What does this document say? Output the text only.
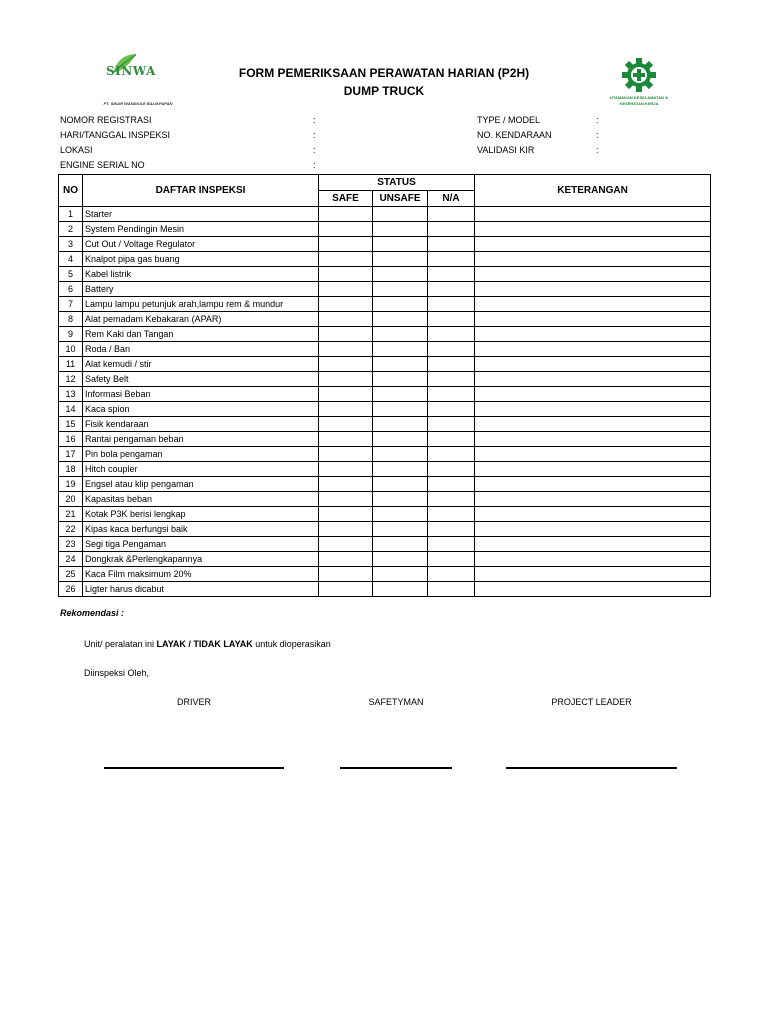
SINWA
PT. SINAR WANDIOLE BALIKPAPAN
UTAMAKAN KESELAMATAN & KESEHATAN KERJA
FORM PEMERIKSAAN PERAWATAN HARIAN (P2H)
DUMP TRUCK
NOMOR REGISTRASI	:
HARI/TANGGAL INSPEKSI	:
LOKASI	:
ENGINE SERIAL NO	:
TYPE / MODEL	:
NO. KENDARAAN	:
VALIDASI KIR	:
NO	DAFTAR INSPEKSI	STATUS			KETERANGAN
		SAFE	UNSAFE	N/A	
1	Starter				
2	System Pendingin Mesin				
3	Cut Out / Voltage Regulator				
4	Knalpot pipa gas buang				
5	Kabel listrik				
6	Battery				
7	Lampu lampu petunjuk arah,lampu rem & mundur				
8	Alat pemadam Kebakaran (APAR)				
9	Rem Kaki dan Tangan				
10	Roda / Ban				
11	Alat kemudi / stir				
12	Safety Belt				
13	Informasi Beban				
14	Kaca spion				
15	Fisik kendaraan				
16	Rantai pengaman beban				
17	Pin bola pengaman				
18	Hitch coupler				
19	Engsel atau klip pengaman				
20	Kapasitas beban				
21	Kotak P3K berisi lengkap				
22	Kipas kaca berfungsi baik				
23	Segi tiga Pengaman				
24	Dongkrak &Perlengkapannya				
25	Kaca Film maksimum 20%				
26	Ligter harus dicabut				
Rekomendasi :
Unit/ peralatan ini LAYAK / TIDAK LAYAK untuk dioperasikan
Diinspeksi Oleh,
DRIVER	SAFETYMAN	PROJECT LEADER
